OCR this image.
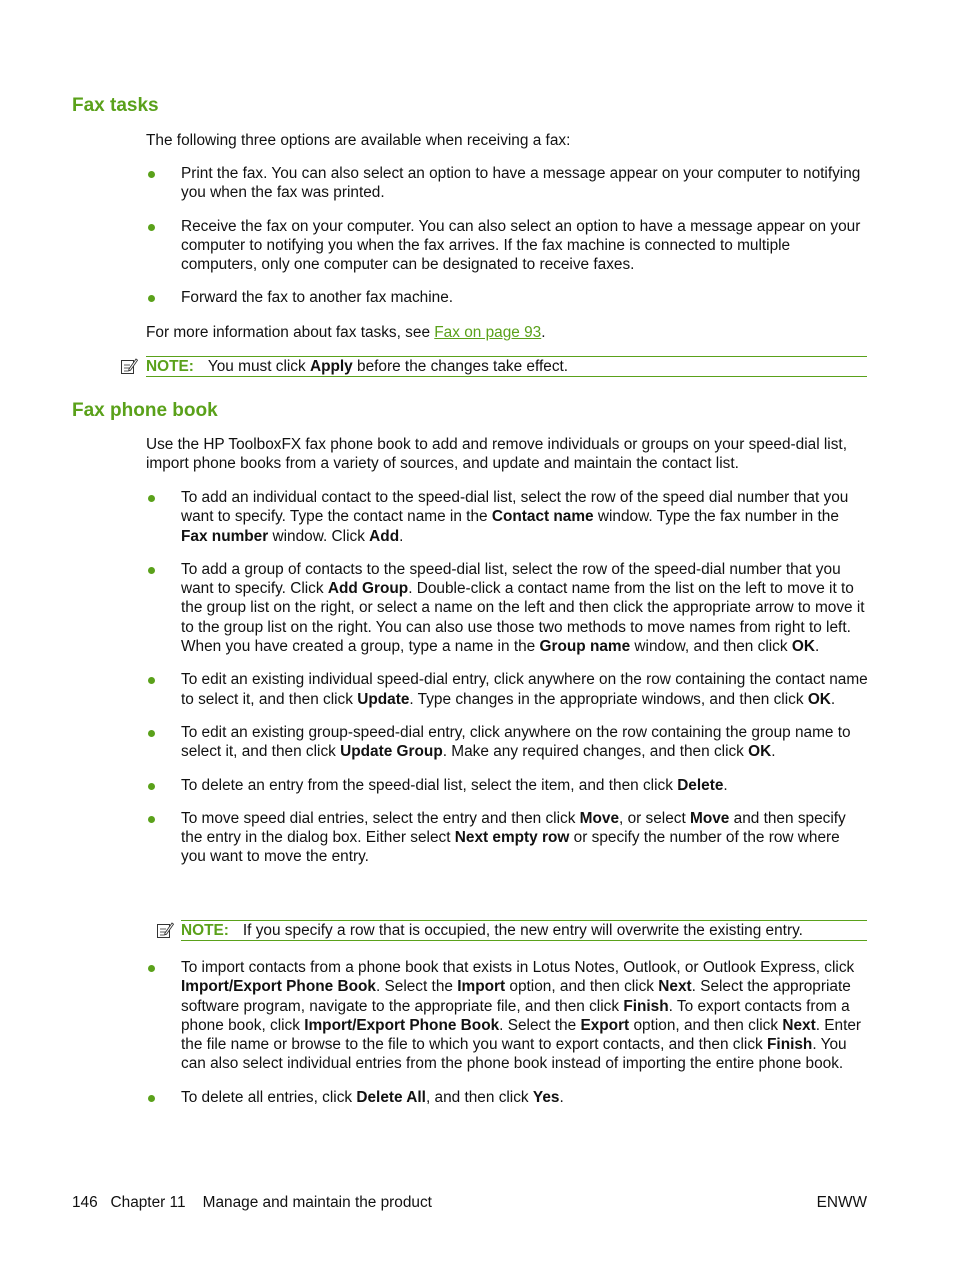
Fax tasks

The following three options are available when receiving a fax:

Print the fax. You can also select an option to have a message appear on your computer to notifying you when the fax was printed.
Receive the fax on your computer. You can also select an option to have a message appear on your computer to notifying you when the fax arrives. If the fax machine is connected to multiple computers, only one computer can be designated to receive faxes.
Forward the fax to another fax machine.

For more information about fax tasks, see Fax on page 93.

NOTE: You must click Apply before the changes take effect.
Fax phone book

Use the HP ToolboxFX fax phone book to add and remove individuals or groups on your speed-dial list, import phone books from a variety of sources, and update and maintain the contact list.

To add an individual contact to the speed-dial list, select the row of the speed dial number that you want to specify. Type the contact name in the Contact name window. Type the fax number in the Fax number window. Click Add.
To add a group of contacts to the speed-dial list, select the row of the speed-dial number that you want to specify. Click Add Group. Double-click a contact name from the list on the left to move it to the group list on the right, or select a name on the left and then click the appropriate arrow to move it to the group list on the right. You can also use those two methods to move names from right to left. When you have created a group, type a name in the Group name window, and then click OK.
To edit an existing individual speed-dial entry, click anywhere on the row containing the contact name to select it, and then click Update. Type changes in the appropriate windows, and then click OK.
To edit an existing group-speed-dial entry, click anywhere on the row containing the group name to select it, and then click Update Group. Make any required changes, and then click OK.
To delete an entry from the speed-dial list, select the item, and then click Delete.
To move speed dial entries, select the entry and then click Move, or select Move and then specify the entry in the dialog box. Either select Next empty row or specify the number of the row where you want to move the entry.
NOTE: If you specify a row that is occupied, the new entry will overwrite the existing entry.
To import contacts from a phone book that exists in Lotus Notes, Outlook, or Outlook Express, click Import/Export Phone Book. Select the Import option, and then click Next. Select the appropriate software program, navigate to the appropriate file, and then click Finish. To export contacts from a phone book, click Import/Export Phone Book. Select the Export option, and then click Next. Enter the file name or browse to the file to which you want to export contacts, and then click Finish. You can also select individual entries from the phone book instead of importing the entire phone book.
To delete all entries, click Delete All, and then click Yes.
146 Chapter 11 Manage and maintain the product	ENWW
